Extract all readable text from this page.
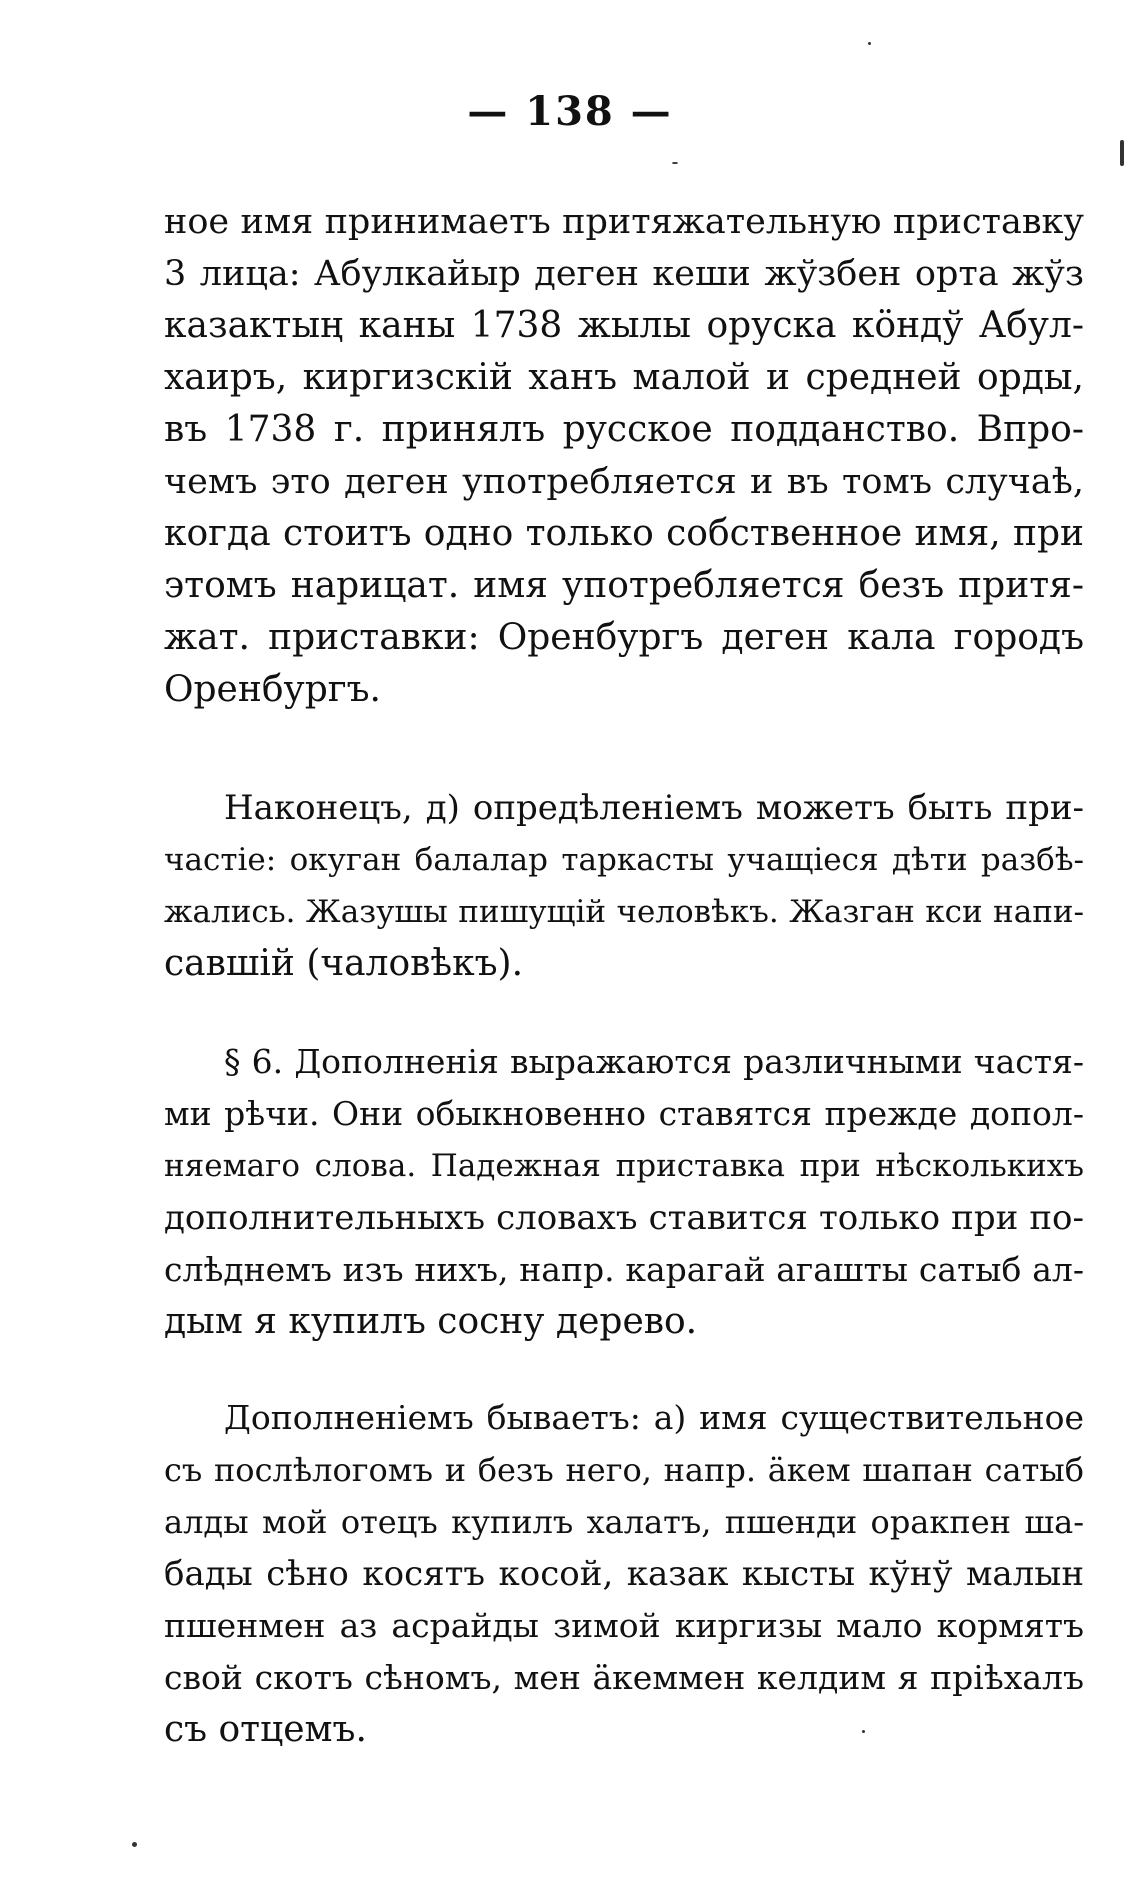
— 138 —
ное имя принимаетъ притяжательную приставку
3 лица: Абулкайыр деген кеши жўзбен орта жўз
казактың каны 1738 жылы оруска кӧндў Абул-
хаиръ, киргизскій ханъ малой и средней орды,
въ 1738 г. принялъ русское подданство. Впро-
чемъ это деген употребляется и въ томъ случаѣ,
когда стоитъ одно только собственное имя, при
этомъ нарицат. имя употребляется безъ притя-
жат. приставки: Оренбургъ деген кала городъ
Оренбургъ.
Наконецъ, д) опредѣленіемъ можетъ быть при-
частіе: окуган балалар таркасты учащіеся дѣти разбѣ-
жались. Жазушы пишущій человѣкъ. Жазган кси напи-
савшій (чаловѣкъ).
§ 6. Дополненія выражаются различными частя-
ми рѣчи. Они обыкновенно ставятся прежде допол-
няемаго слова. Падежная приставка при нѣсколькихъ
дополнительныхъ словахъ ставится только при по-
слѣднемъ изъ нихъ, напр. карагай агашты сатыб ал-
дым я купилъ сосну дерево.
Дополненіемъ бываетъ: а) имя существительное
съ послѣлогомъ и безъ него, напр. ӓкем шапан сатыб
алды мой отецъ купилъ халатъ, пшенди оракпен ша-
бады сѣно косятъ косой, казак кысты кўнў малын
пшенмен аз асрайды зимой киргизы мало кормятъ
свой скотъ сѣномъ, мен ӓкеммен келдим я пріѣхалъ
съ отцемъ.
